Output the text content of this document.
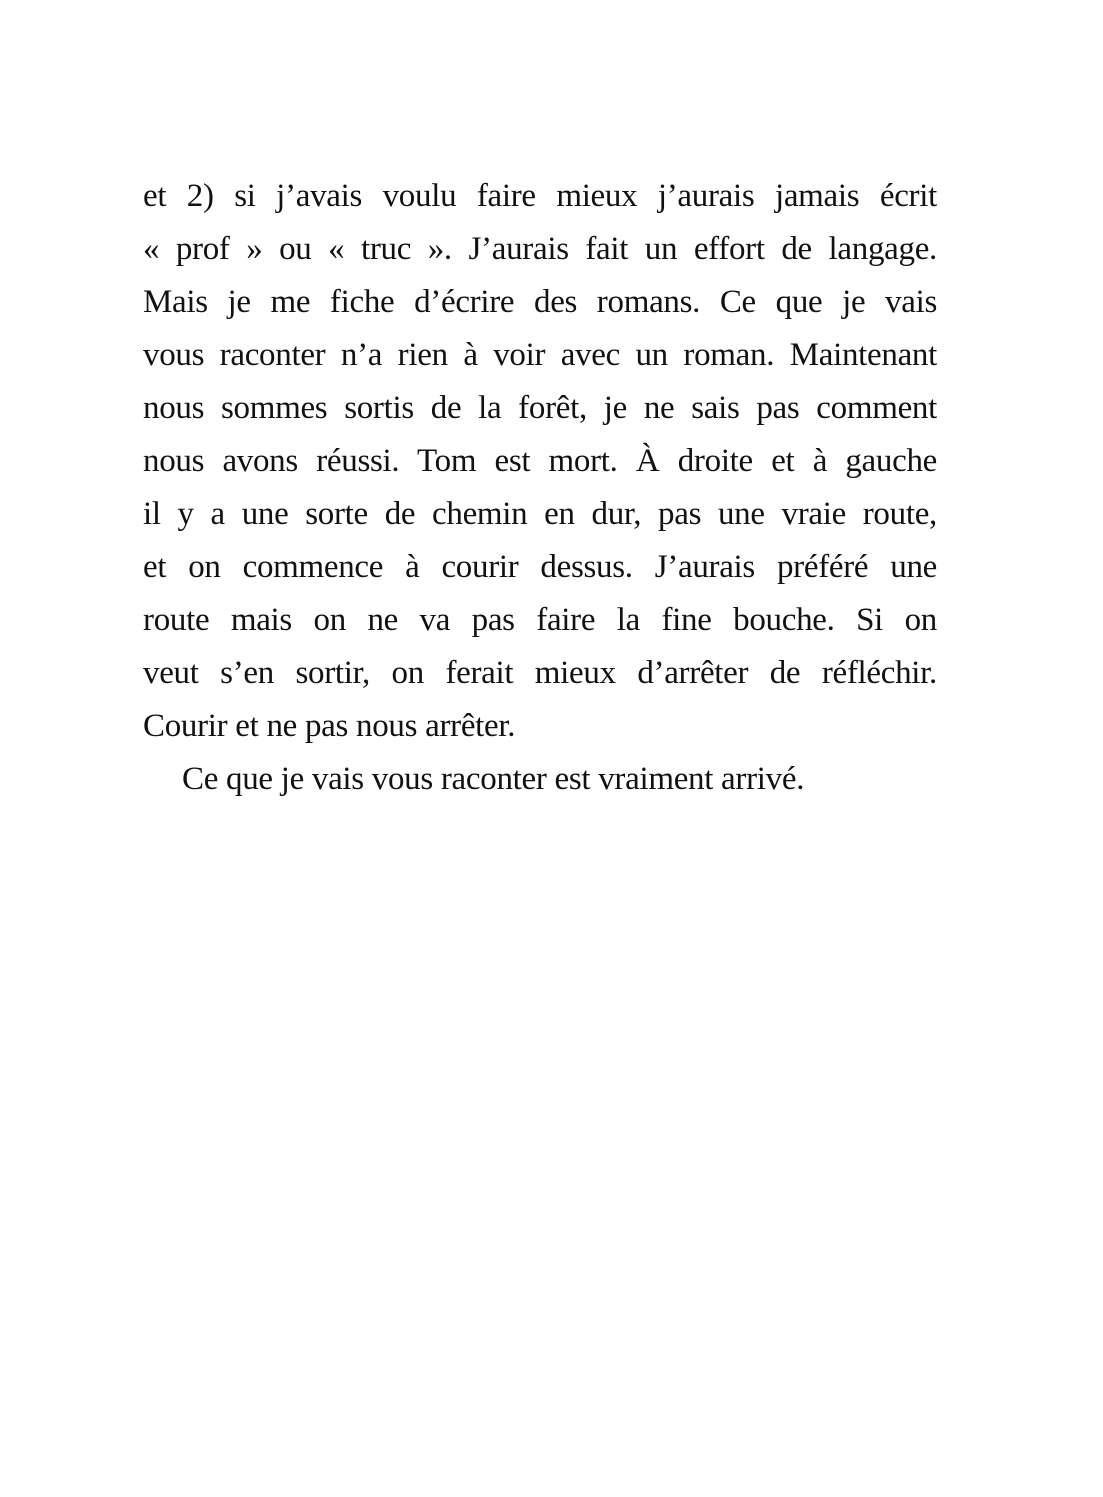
et 2) si j’avais voulu faire mieux j’aurais jamais écrit
« prof » ou « truc ». J’aurais fait un effort de langage.
Mais je me fiche d’écrire des romans. Ce que je vais
vous raconter n’a rien à voir avec un roman. Maintenant
nous sommes sortis de la forêt, je ne sais pas comment
nous avons réussi. Tom est mort. À droite et à gauche
il y a une sorte de chemin en dur, pas une vraie route,
et on commence à courir dessus. J’aurais préféré une
route mais on ne va pas faire la fine bouche. Si on
veut s’en sortir, on ferait mieux d’arrêter de réfléchir.
Courir et ne pas nous arrêter.
Ce que je vais vous raconter est vraiment arrivé.
